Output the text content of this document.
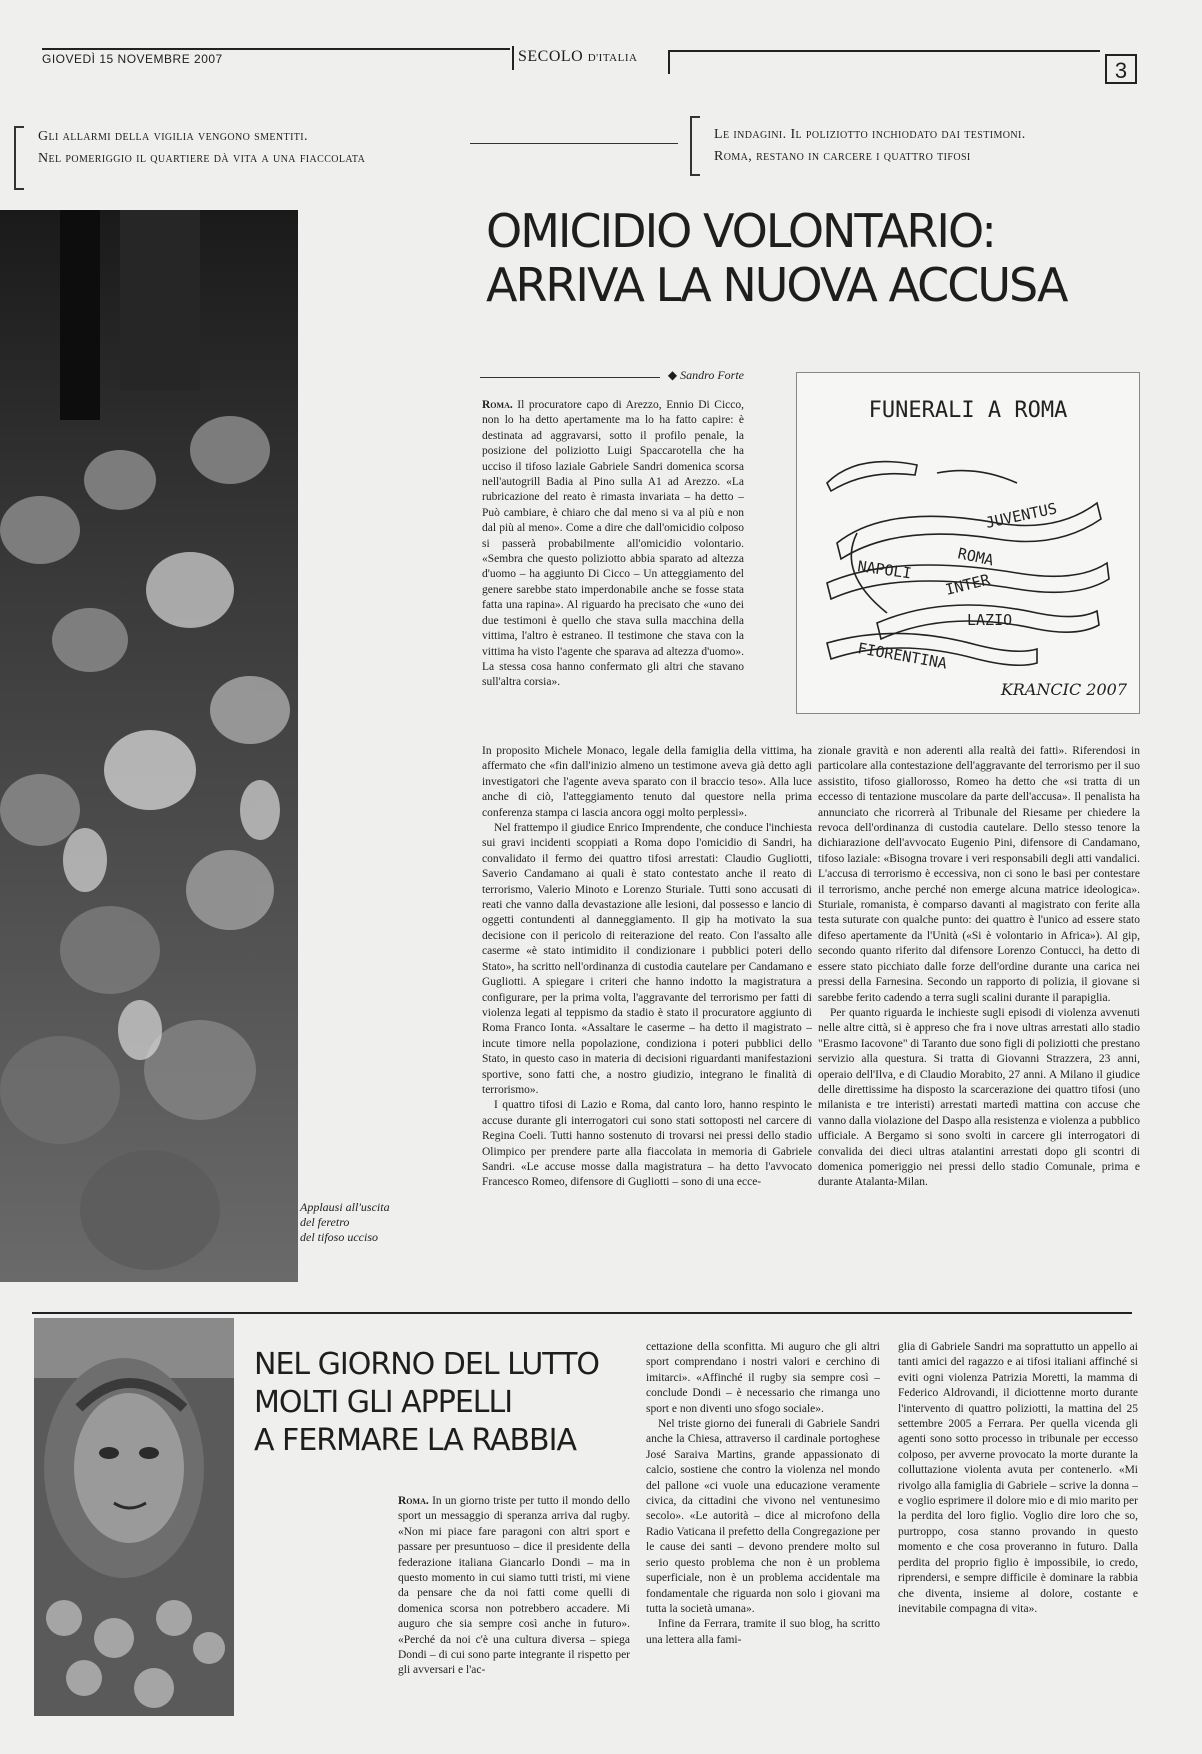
GIOVEDÌ 15 NOVEMBRE 2007	SECOLO D'ITALIA	3
Gli allarmi della vigilia vengono smentiti.
Nel pomeriggio il quartiere dà vita a una fiaccolata
Le indagini. Il poliziotto inchiodato dai testimoni.
Roma, restano in carcere i quattro tifosi
Applausi all'uscita
del feretro
del tifoso ucciso
OMICIDIO VOLONTARIO:
ARRIVA LA NUOVA ACCUSA
◆ Sandro Forte
FUNERALI A ROMA
JUVENTUS
ROMA
NAPOLI
INTER
LAZIO
FIORENTINA
KRANCIC 2007

Roma. Il procuratore capo di Arezzo, Ennio Di Cicco, non lo ha detto apertamente ma lo ha fatto capire: è destinata ad aggravarsi, sotto il profilo penale, la posizione del poliziotto Luigi Spaccarotella che ha ucciso il tifoso laziale Gabriele Sandri domenica scorsa nell'autogrill Badia al Pino sulla A1 ad Arezzo. «La rubricazione del reato è rimasta invariata – ha detto – Può cambiare, è chiaro che dal meno si va al più e non dal più al meno». Come a dire che dall'omicidio colposo si passerà probabilmente all'omicidio volontario. «Sembra che questo poliziotto abbia sparato ad altezza d'uomo – ha aggiunto Di Cicco – Un atteggiamento del genere sarebbe stato imperdonabile anche se fosse stata fatta una rapina». Al riguardo ha precisato che «uno dei due testimoni è quello che stava sulla macchina della vittima, l'altro è estraneo. Il testimone che stava con la vittima ha visto l'agente che sparava ad altezza d'uomo». La stessa cosa hanno confermato gli altri che stavano sull'altra corsia».

In proposito Michele Monaco, legale della famiglia della vittima, ha affermato che «fin dall'inizio almeno un testimone aveva già detto agli investigatori che l'agente aveva sparato con il braccio teso». Alla luce anche di ciò, l'atteggiamento tenuto dal questore nella prima conferenza stampa ci lascia ancora oggi molto perplessi».

Nel frattempo il giudice Enrico Imprendente, che conduce l'inchiesta sui gravi incidenti scoppiati a Roma dopo l'omicidio di Sandri, ha convalidato il fermo dei quattro tifosi arrestati: Claudio Gugliotti, Saverio Candamano ai quali è stato contestato anche il reato di terrorismo, Valerio Minoto e Lorenzo Sturiale. Tutti sono accusati di reati che vanno dalla devastazione alle lesioni, dal possesso e lancio di oggetti contundenti al danneggiamento. Il gip ha motivato la sua decisione con il pericolo di reiterazione del reato. Con l'assalto alle caserme «è stato intimidito il condizionare i pubblici poteri dello Stato», ha scritto nell'ordinanza di custodia cautelare per Candamano e Gugliotti. A spiegare i criteri che hanno indotto la magistratura a configurare, per la prima volta, l'aggravante del terrorismo per fatti di violenza legati al teppismo da stadio è stato il procuratore aggiunto di Roma Franco Ionta. «Assaltare le caserme – ha detto il magistrato – incute timore nella popolazione, condiziona i poteri pubblici dello Stato, in questo caso in materia di decisioni riguardanti manifestazioni sportive, sono fatti che, a nostro giudizio, integrano le finalità di terrorismo».

I quattro tifosi di Lazio e Roma, dal canto loro, hanno respinto le accuse durante gli interrogatori cui sono stati sottoposti nel carcere di Regina Coeli. Tutti hanno sostenuto di trovarsi nei pressi dello stadio Olimpico per prendere parte alla fiaccolata in memoria di Gabriele Sandri. «Le accuse mosse dalla magistratura – ha detto l'avvocato Francesco Romeo, difensore di Gugliotti – sono di una ecce-

zionale gravità e non aderenti alla realtà dei fatti». Riferendosi in particolare alla contestazione dell'aggravante del terrorismo per il suo assistito, tifoso giallorosso, Romeo ha detto che «si tratta di un eccesso di tentazione muscolare da parte dell'accusa». Il penalista ha annunciato che ricorrerà al Tribunale del Riesame per chiedere la revoca dell'ordinanza di custodia cautelare. Dello stesso tenore la dichiarazione dell'avvocato Eugenio Pini, difensore di Candamano, tifoso laziale: «Bisogna trovare i veri responsabili degli atti vandalici. L'accusa di terrorismo è eccessiva, non ci sono le basi per contestare il terrorismo, anche perché non emerge alcuna matrice ideologica». Sturiale, romanista, è comparso davanti al magistrato con ferite alla testa suturate con qualche punto: dei quattro è l'unico ad essere stato difeso apertamente da l'Unità («Si è volontario in Africa»). Al gip, secondo quanto riferito dal difensore Lorenzo Contucci, ha detto di essere stato picchiato dalle forze dell'ordine durante una carica nei pressi della Farnesina. Secondo un rapporto di polizia, il giovane si sarebbe ferito cadendo a terra sugli scalini durante il parapiglia.

Per quanto riguarda le inchieste sugli episodi di violenza avvenuti nelle altre città, si è appreso che fra i nove ultras arrestati allo stadio "Erasmo Iacovone" di Taranto due sono figli di poliziotti che prestano servizio alla questura. Si tratta di Giovanni Strazzera, 23 anni, operaio dell'Ilva, e di Claudio Morabito, 27 anni. A Milano il giudice delle direttissime ha disposto la scarcerazione dei quattro tifosi (uno milanista e tre interisti) arrestati martedì mattina con accuse che vanno dalla violazione del Daspo alla resistenza e violenza a pubblico ufficiale. A Bergamo si sono svolti in carcere gli interrogatori di convalida dei dieci ultras atalantini arrestati dopo gli scontri di domenica pomeriggio nei pressi dello stadio Comunale, prima e durante Atalanta-Milan.

NEL GIORNO DEL LUTTO
MOLTI GLI APPELLI
A FERMARE LA RABBIA

Roma. In un giorno triste per tutto il mondo dello sport un messaggio di speranza arriva dal rugby. «Non mi piace fare paragoni con altri sport e passare per presuntuoso – dice il presidente della federazione italiana Giancarlo Dondi – ma in questo momento in cui siamo tutti tristi, mi viene da pensare che da noi fatti come quelli di domenica scorsa non potrebbero accadere. Mi auguro che sia sempre così anche in futuro». «Perché da noi c'è una cultura diversa – spiega Dondi – di cui sono parte integrante il rispetto per gli avversari e l'ac-

cettazione della sconfitta. Mi auguro che gli altri sport comprendano i nostri valori e cerchino di imitarci». «Affinché il rugby sia sempre così – conclude Dondi – è necessario che rimanga uno sport e non diventi uno sfogo sociale».

Nel triste giorno dei funerali di Gabriele Sandri anche la Chiesa, attraverso il cardinale portoghese José Saraiva Martins, grande appassionato di calcio, sostiene che contro la violenza nel mondo del pallone «ci vuole una educazione veramente civica, da cittadini che vivono nel ventunesimo secolo». «Le autorità – dice al microfono della Radio Vaticana il prefetto della Congregazione per le cause dei santi – devono prendere molto sul serio questo problema che non è un problema superficiale, non è un problema accidentale ma fondamentale che riguarda non solo i giovani ma tutta la società umana».

Infine da Ferrara, tramite il suo blog, ha scritto una lettera alla fami-

glia di Gabriele Sandri ma soprattutto un appello ai tanti amici del ragazzo e ai tifosi italiani affinché si eviti ogni violenza Patrizia Moretti, la mamma di Federico Aldrovandi, il diciottenne morto durante l'intervento di quattro poliziotti, la mattina del 25 settembre 2005 a Ferrara. Per quella vicenda gli agenti sono sotto processo in tribunale per eccesso colposo, per avverne provocato la morte durante la colluttazione violenta avuta per contenerlo. «Mi rivolgo alla famiglia di Gabriele – scrive la donna – e voglio esprimere il dolore mio e di mio marito per la perdita del loro figlio. Voglio dire loro che so, purtroppo, cosa stanno provando in questo momento e che cosa proveranno in futuro. Dalla perdita del proprio figlio è impossibile, io credo, riprendersi, e sempre difficile è dominare la rabbia che diventa, insieme al dolore, costante e inevitabile compagna di vita».
